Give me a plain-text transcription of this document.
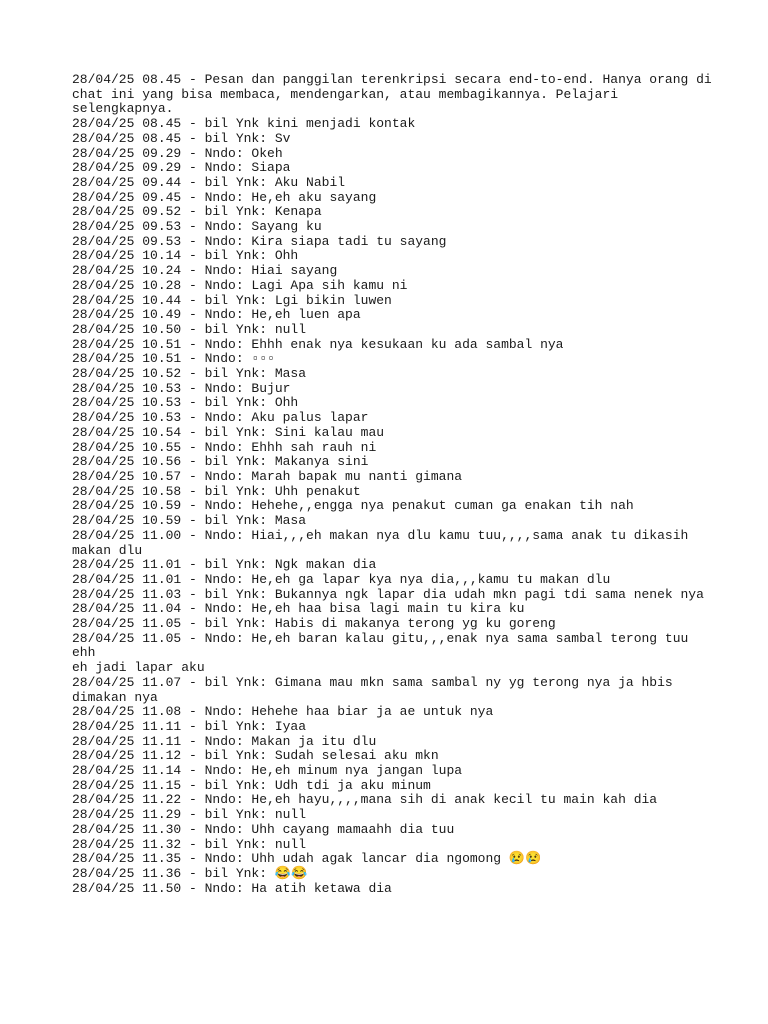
28/04/25 08.45 - Pesan dan panggilan terenkripsi secara end-to-end. Hanya orang di
chat ini yang bisa membaca, mendengarkan, atau membagikannya. Pelajari
selengkapnya.

28/04/25 08.45 - bil Ynk kini menjadi kontak

28/04/25 08.45 - bil Ynk: Sv

28/04/25 09.29 - Nndo: Okeh

28/04/25 09.29 - Nndo: Siapa

28/04/25 09.44 - bil Ynk: Aku Nabil

28/04/25 09.45 - Nndo: He,eh aku sayang

28/04/25 09.52 - bil Ynk: Kenapa

28/04/25 09.53 - Nndo: Sayang ku

28/04/25 09.53 - Nndo: Kira siapa tadi tu sayang

28/04/25 10.14 - bil Ynk: Ohh

28/04/25 10.24 - Nndo: Hiai sayang

28/04/25 10.28 - Nndo: Lagi Apa sih kamu ni

28/04/25 10.44 - bil Ynk: Lgi bikin luwen

28/04/25 10.49 - Nndo: He,eh luen apa

28/04/25 10.50 - bil Ynk: null

28/04/25 10.51 - Nndo: Ehhh enak nya kesukaan ku ada sambal nya

28/04/25 10.51 - Nndo: ▫▫▫

28/04/25 10.52 - bil Ynk: Masa

28/04/25 10.53 - Nndo: Bujur

28/04/25 10.53 - bil Ynk: Ohh

28/04/25 10.53 - Nndo: Aku palus lapar

28/04/25 10.54 - bil Ynk: Sini kalau mau

28/04/25 10.55 - Nndo: Ehhh sah rauh ni

28/04/25 10.56 - bil Ynk: Makanya sini

28/04/25 10.57 - Nndo: Marah bapak mu nanti gimana

28/04/25 10.58 - bil Ynk: Uhh penakut

28/04/25 10.59 - Nndo: Hehehe,,engga nya penakut cuman ga enakan tih nah

28/04/25 10.59 - bil Ynk: Masa

28/04/25 11.00 - Nndo: Hiai,,,eh makan nya dlu kamu tuu,,,,sama anak tu dikasih
makan dlu

28/04/25 11.01 - bil Ynk: Ngk makan dia

28/04/25 11.01 - Nndo: He,eh ga lapar kya nya dia,,,kamu tu makan dlu

28/04/25 11.03 - bil Ynk: Bukannya ngk lapar dia udah mkn pagi tdi sama nenek nya

28/04/25 11.04 - Nndo: He,eh haa bisa lagi main tu kira ku

28/04/25 11.05 - bil Ynk: Habis di makanya terong yg ku goreng

28/04/25 11.05 - Nndo: He,eh baran kalau gitu,,,enak nya sama sambal terong tuu ehh
eh jadi lapar aku

28/04/25 11.07 - bil Ynk: Gimana mau mkn sama sambal ny yg terong nya ja hbis
dimakan nya

28/04/25 11.08 - Nndo: Hehehe haa biar ja ae untuk nya

28/04/25 11.11 - bil Ynk: Iyaa

28/04/25 11.11 - Nndo: Makan ja itu dlu

28/04/25 11.12 - bil Ynk: Sudah selesai aku mkn

28/04/25 11.14 - Nndo: He,eh minum nya jangan lupa

28/04/25 11.15 - bil Ynk: Udh tdi ja aku minum

28/04/25 11.22 - Nndo: He,eh hayu,,,,mana sih di anak kecil tu main kah dia

28/04/25 11.29 - bil Ynk: null

28/04/25 11.30 - Nndo: Uhh cayang mamaahh dia tuu

28/04/25 11.32 - bil Ynk: null

28/04/25 11.35 - Nndo: Uhh udah agak lancar dia ngomong 😢😢

28/04/25 11.36 - bil Ynk: 😂😂

28/04/25 11.50 - Nndo: Ha atih ketawa dia
